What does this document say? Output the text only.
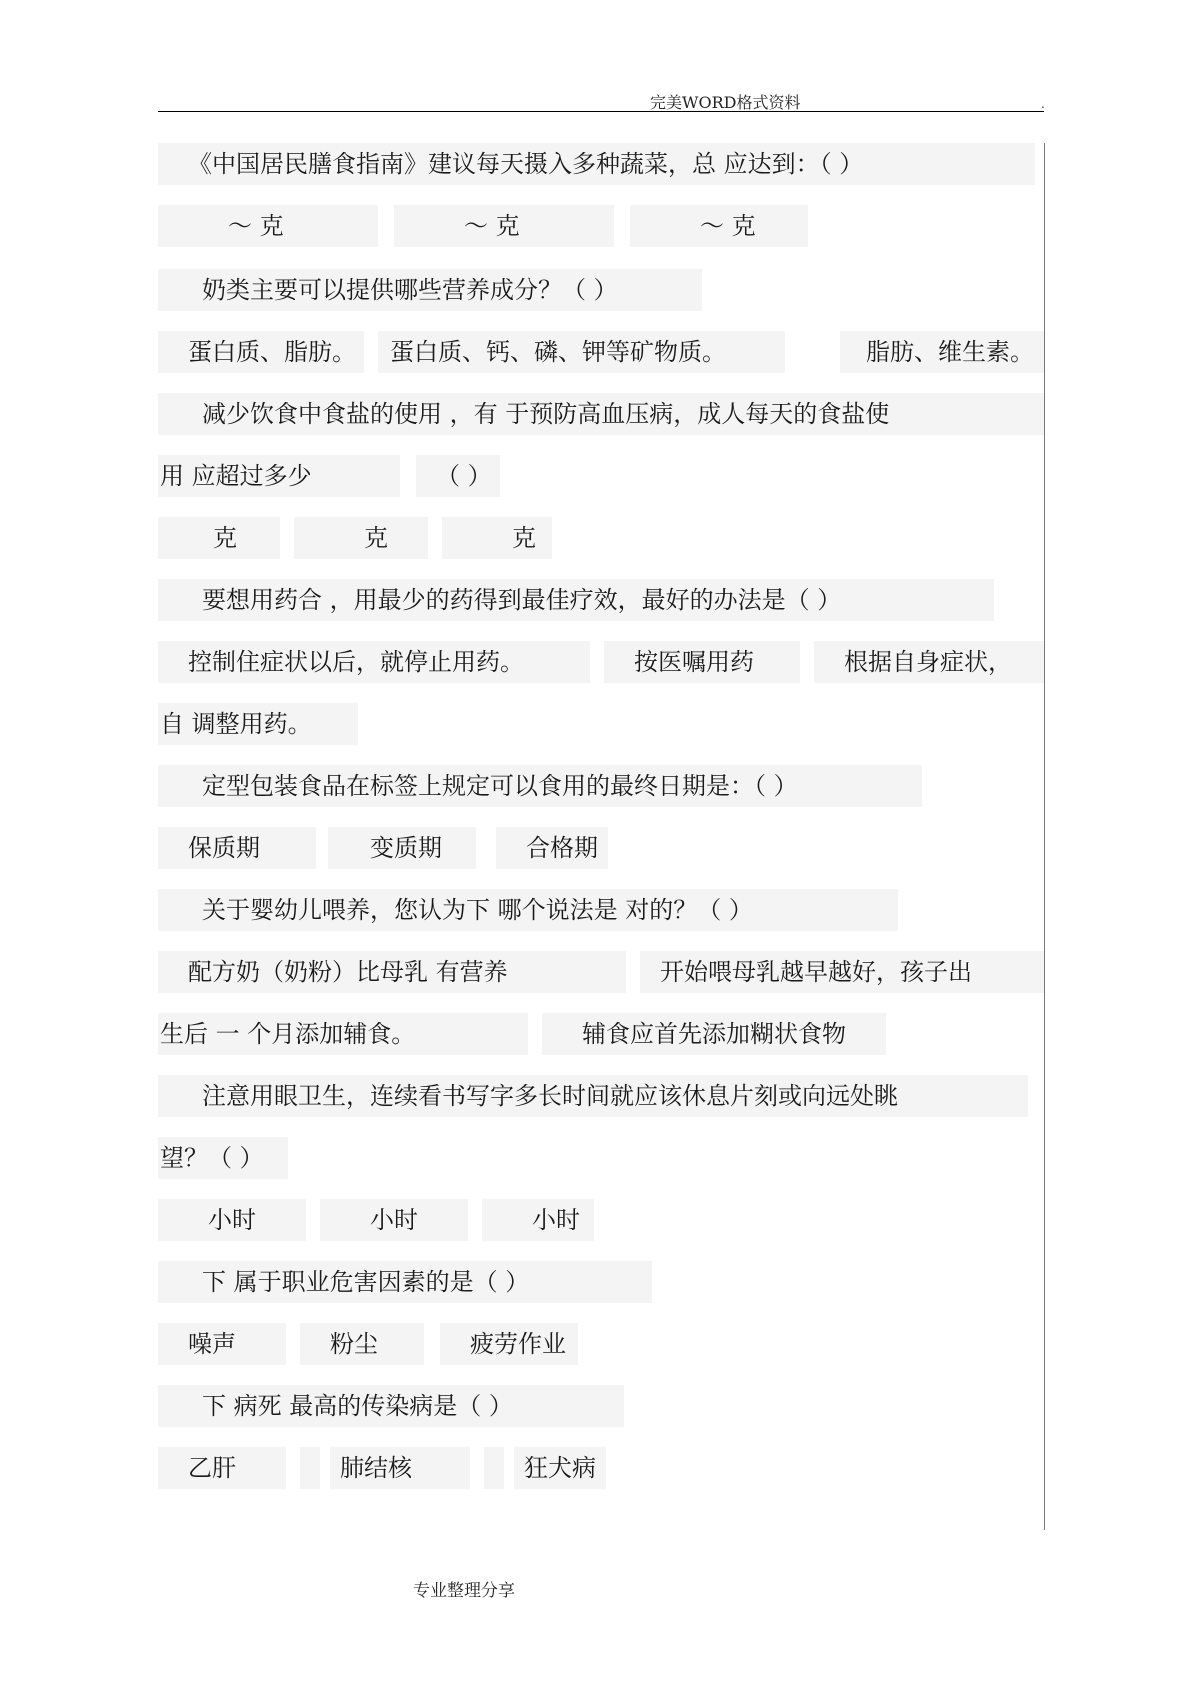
完美WORD格式资料	.
《中国居民膳食指南》建议每天摄入多种蔬菜，总 应达到：（ ）
～ 克	～ 克	～ 克
奶类主要可以提供哪些营养成分？（ ）
蛋白质、脂肪。	蛋白质、钙、磷、钾等矿物质。	脂肪、维生素。
减少饮食中食盐的使用 ，有 于预防高血压病，成人每天的食盐使
用 应超过多少	（ ）
克	克	克
要想用药合 ，用最少的药得到最佳疗效，最好的办法是（ ）
控制住症状以后，就停止用药。	按医嘱用药	根据自身症状，
自 调整用药。
定型包装食品在标签上规定可以食用的最终日期是：（ ）
保质期	变质期	合格期
关于婴幼儿喂养，您认为下 哪个说法是 对的？（ ）
配方奶（奶粉）比母乳 有营养	开始喂母乳越早越好，孩子出
生后 一 个月添加辅食。	辅食应首先添加糊状食物
注意用眼卫生，连续看书写字多长时间就应该休息片刻或向远处眺
望？（ ）
小时	小时	小时
下 属于职业危害因素的是（ ）
噪声	粉尘	疲劳作业
下 病死 最高的传染病是（ ）
乙肝	肺结核	狂犬病
专业整理分享
